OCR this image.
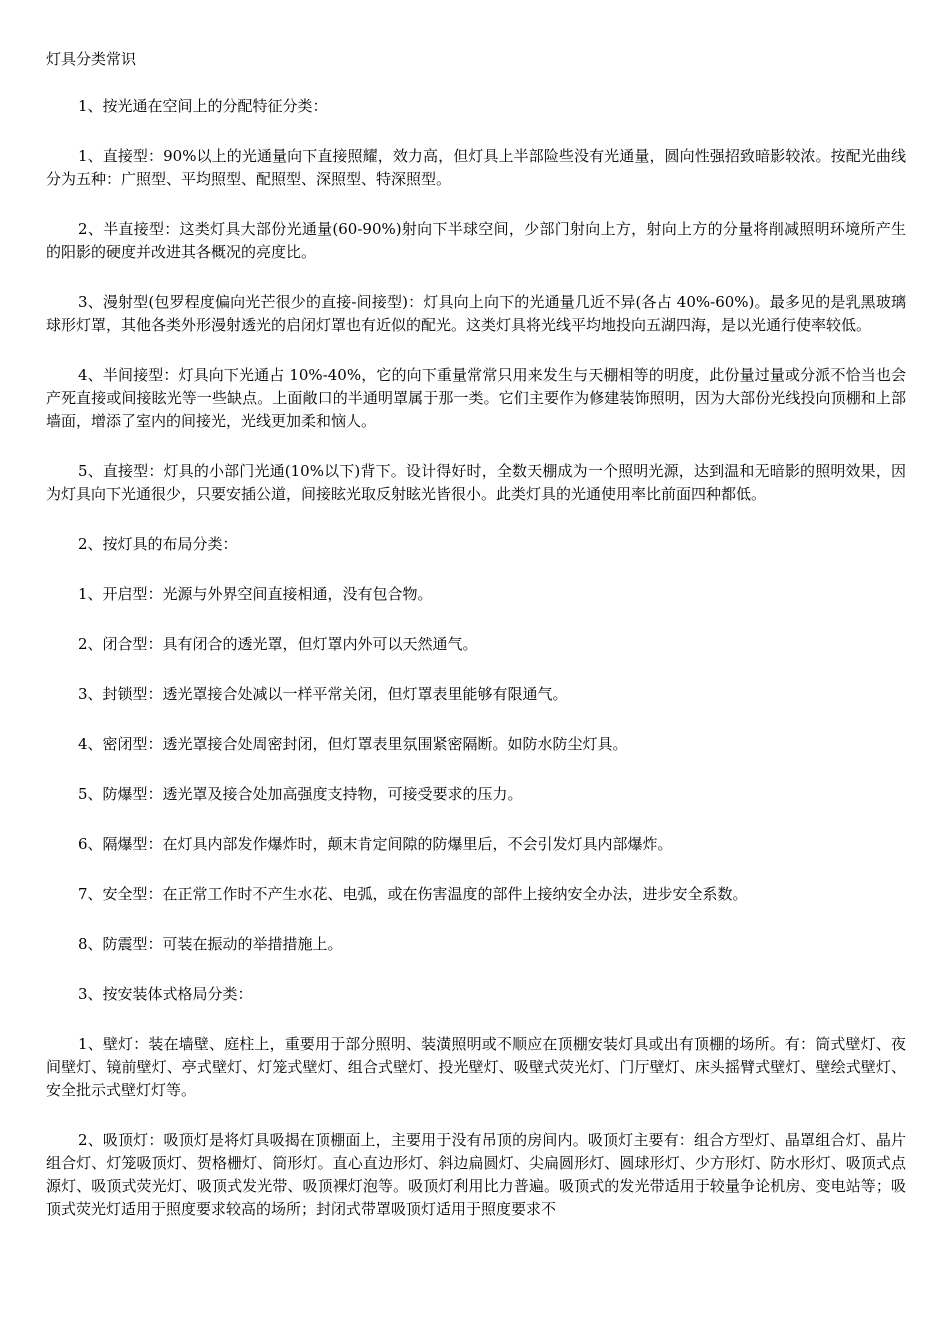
灯具分类常识

1、按光通在空间上的分配特征分类：

1、直接型：90%以上的光通量向下直接照耀，效力高，但灯具上半部险些没有光通量，圆向性强招致暗影较浓。按配光曲线分为五种：广照型、平均照型、配照型、深照型、特深照型。

2、半直接型：这类灯具大部份光通量(60-90%)射向下半球空间，少部门射向上方，射向上方的分量将削减照明环境所产生的阳影的硬度并改进其各概况的亮度比。

3、漫射型(包罗程度偏向光芒很少的直接-间接型)：灯具向上向下的光通量几近不异(各占 40%-60%)。最多见的是乳黑玻璃球形灯罩，其他各类外形漫射透光的启闭灯罩也有近似的配光。这类灯具将光线平均地投向五湖四海，是以光通行使率较低。

4、半间接型：灯具向下光通占 10%-40%，它的向下重量常常只用来发生与天棚相等的明度，此份量过量或分派不恰当也会产死直接或间接眩光等一些缺点。上面敞口的半通明罩属于那一类。它们主要作为修建装饰照明，因为大部份光线投向顶棚和上部墙面，增添了室内的间接光，光线更加柔和恼人。

5、直接型：灯具的小部门光通(10%以下)背下。设计得好时，全数天棚成为一个照明光源，达到温和无暗影的照明效果，因为灯具向下光通很少，只要安插公道，间接眩光取反射眩光皆很小。此类灯具的光通使用率比前面四种都低。

2、按灯具的布局分类：

1、开启型：光源与外界空间直接相通，没有包合物。

2、闭合型：具有闭合的透光罩，但灯罩内外可以天然通气。

3、封锁型：透光罩接合处减以一样平常关闭，但灯罩表里能够有限通气。

4、密闭型：透光罩接合处周密封闭，但灯罩表里氛围紧密隔断。如防水防尘灯具。

5、防爆型：透光罩及接合处加高强度支持物，可接受要求的压力。

6、隔爆型：在灯具内部发作爆炸时，颠末肯定间隙的防爆里后，不会引发灯具内部爆炸。

7、安全型：在正常工作时不产生水花、电弧，或在伤害温度的部件上接纳安全办法，进步安全系数。

8、防震型：可装在振动的举措措施上。

3、按安装体式格局分类：

1、壁灯：装在墙壁、庭柱上，重要用于部分照明、装潢照明或不顺应在顶棚安装灯具或出有顶棚的场所。有：筒式壁灯、夜间壁灯、镜前壁灯、亭式壁灯、灯笼式壁灯、组合式壁灯、投光壁灯、吸壁式荧光灯、门厅壁灯、床头摇臂式壁灯、壁绘式壁灯、安全批示式壁灯灯等。

2、吸顶灯：吸顶灯是将灯具吸揭在顶棚面上，主要用于没有吊顶的房间内。吸顶灯主要有：组合方型灯、晶罩组合灯、晶片组合灯、灯笼吸顶灯、贺格栅灯、筒形灯。直心直边形灯、斜边扁圆灯、尖扁圆形灯、圆球形灯、少方形灯、防水形灯、吸顶式点源灯、吸顶式荧光灯、吸顶式发光带、吸顶裸灯泡等。吸顶灯利用比力普遍。吸顶式的发光带适用于较量争论机房、变电站等；吸顶式荧光灯适用于照度要求较高的场所；封闭式带罩吸顶灯适用于照度要求不
